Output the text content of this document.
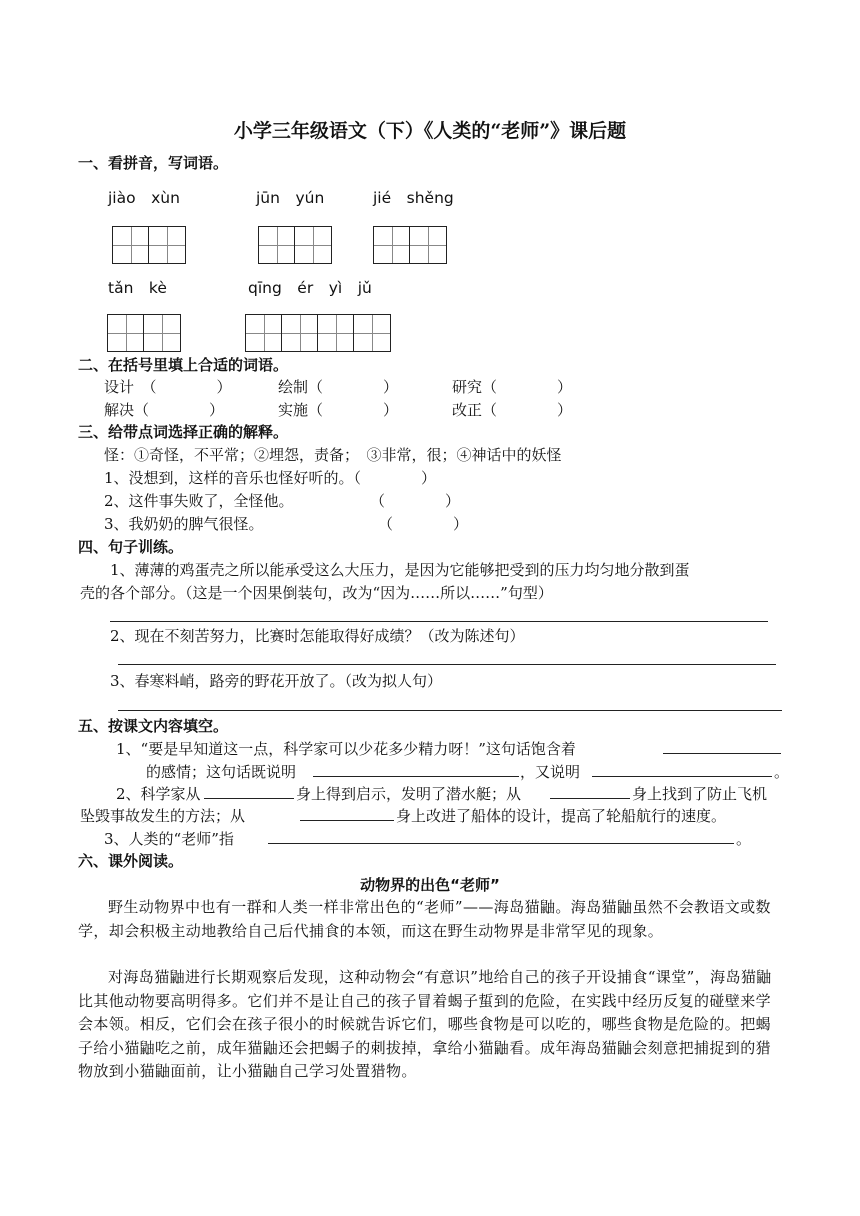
小学三年级语文（下）《人类的“老师”》课后题
一、看拼音，写词语。
jiào　xùn	jūn　yún	jié　shěng
tǎn　kè	qīng　ér　yì　jǔ
二、在括号里填上合适的词语。
设计　（　　　　）	绘制（　　　　）	研究（　　　　）
解决（　　　　）	实施（　　　　）	改正（　　　　）
三、给带点词选择正确的解释。
怪：①奇怪，不平常；②埋怨，责备；　③非常，很；④神话中的妖怪
1、没想到，这样的音乐也怪好听的。（　　　　）
2、这件事失败了，全怪他。	（　　　　）
3、我奶奶的脾气很怪。	（　　　　）
四、句子训练。
1、薄薄的鸡蛋壳之所以能承受这么大压力，是因为它能够把受到的压力均匀地分散到蛋
壳的各个部分。（这是一个因果倒装句，改为“因为……所以……”句型）
2、现在不刻苦努力，比赛时怎能取得好成绩？（改为陈述句）
3、春寒料峭，路旁的野花开放了。（改为拟人句）
五、按课文内容填空。
1、“要是早知道这一点，科学家可以少花多少精力呀！”这句话饱含着
的感情；这句话既说明	，又说明	。
2、科学家从	身上得到启示，发明了潜水艇；从	身上找到了防止飞机
坠毁事故发生的方法；从	身上改进了船体的设计，提高了轮船航行的速度。
3、人类的“老师”指	。
六、课外阅读。
动物界的出色“老师”
野生动物界中也有一群和人类一样非常出色的“老师”——海岛猫鼬。海岛猫鼬虽然不会教语文或数学，却会积极主动地教给自己后代捕食的本领，而这在野生动物界是非常罕见的现象。
对海岛猫鼬进行长期观察后发现，这种动物会“有意识”地给自己的孩子开设捕食“课堂”，海岛猫鼬比其他动物要高明得多。它们并不是让自己的孩子冒着蝎子蜇到的危险，在实践中经历反复的碰壁来学会本领。相反，它们会在孩子很小的时候就告诉它们，哪些食物是可以吃的，哪些食物是危险的。把蝎子给小猫鼬吃之前，成年猫鼬还会把蝎子的刺拔掉，拿给小猫鼬看。成年海岛猫鼬会刻意把捕捉到的猎物放到小猫鼬面前，让小猫鼬自己学习处置猎物。
